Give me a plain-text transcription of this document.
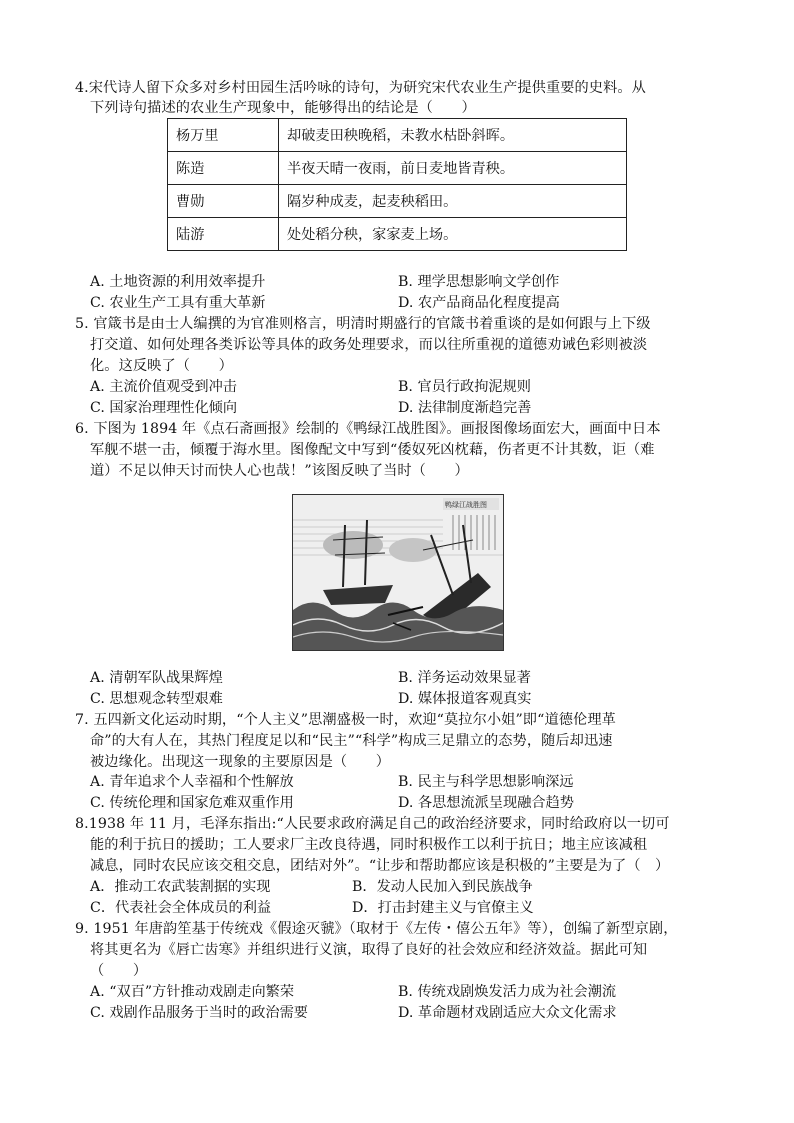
4.宋代诗人留下众多对乡村田园生活吟咏的诗句，为研究宋代农业生产提供重要的史料。从
下列诗句描述的农业生产现象中，能够得出的结论是（　　）
杨万里	却破麦田秧晚稻，未教水枯卧斜晖。
陈造	半夜天晴一夜雨，前日麦地皆青秧。
曹勋	隔岁种成麦，起麦秧稻田。
陆游	处处稻分秧，家家麦上场。
A. 土地资源的利用效率提升	B. 理学思想影响文学创作
C. 农业生产工具有重大革新	D. 农产品商品化程度提高
5. 官箴书是由士人编撰的为官准则格言，明清时期盛行的官箴书着重谈的是如何跟与上下级
打交道、如何处理各类诉讼等具体的政务处理要求，而以往所重视的道德劝诫色彩则被淡
化。这反映了（　　）
A. 主流价值观受到冲击	B. 官员行政拘泥规则
C. 国家治理理性化倾向	D. 法律制度渐趋完善
6. 下图为 1894 年《点石斋画报》绘制的《鸭绿江战胜图》。画报图像场面宏大，画面中日本
军舰不堪一击，倾覆于海水里。图像配文中写到“倭奴死凶枕藉，伤者更不计其数，讵（难
道）不足以伸天讨而快人心也哉！”该图反映了当时（　　）
鸭绿江战胜图
A. 清朝军队战果辉煌	B. 洋务运动效果显著
C. 思想观念转型艰难	D. 媒体报道客观真实
7. 五四新文化运动时期，“个人主义”思潮盛极一时，欢迎“莫拉尔小姐”即“道德伦理革
命”的大有人在，其热门程度足以和“民主”“科学”构成三足鼎立的态势，随后却迅速
被边缘化。出现这一现象的主要原因是（　　）
A. 青年追求个人幸福和个性解放	B. 民主与科学思想影响深远
C. 传统伦理和国家危难双重作用	D. 各思想流派呈现融合趋势
8.1938 年 11 月，毛泽东指出:“人民要求政府满足自己的政治经济要求，同时给政府以一切可
能的利于抗日的援助；工人要求厂主改良待遇，同时积极作工以利于抗日；地主应该减租
减息，同时农民应该交租交息，团结对外”。“让步和帮助都应该是积极的”主要是为了（　）
A．推动工农武装割据的实现	B．发动人民加入到民族战争
C．代表社会全体成员的利益	D．打击封建主义与官僚主义
9. 1951 年唐韵笙基于传统戏《假途灭虢》（取材于《左传・僖公五年》等），创编了新型京剧，
将其更名为《唇亡齿寒》并组织进行义演，取得了良好的社会效应和经济效益。据此可知
（　　）
A. “双百”方针推动戏剧走向繁荣	B. 传统戏剧焕发活力成为社会潮流
C. 戏剧作品服务于当时的政治需要	D. 革命题材戏剧适应大众文化需求
